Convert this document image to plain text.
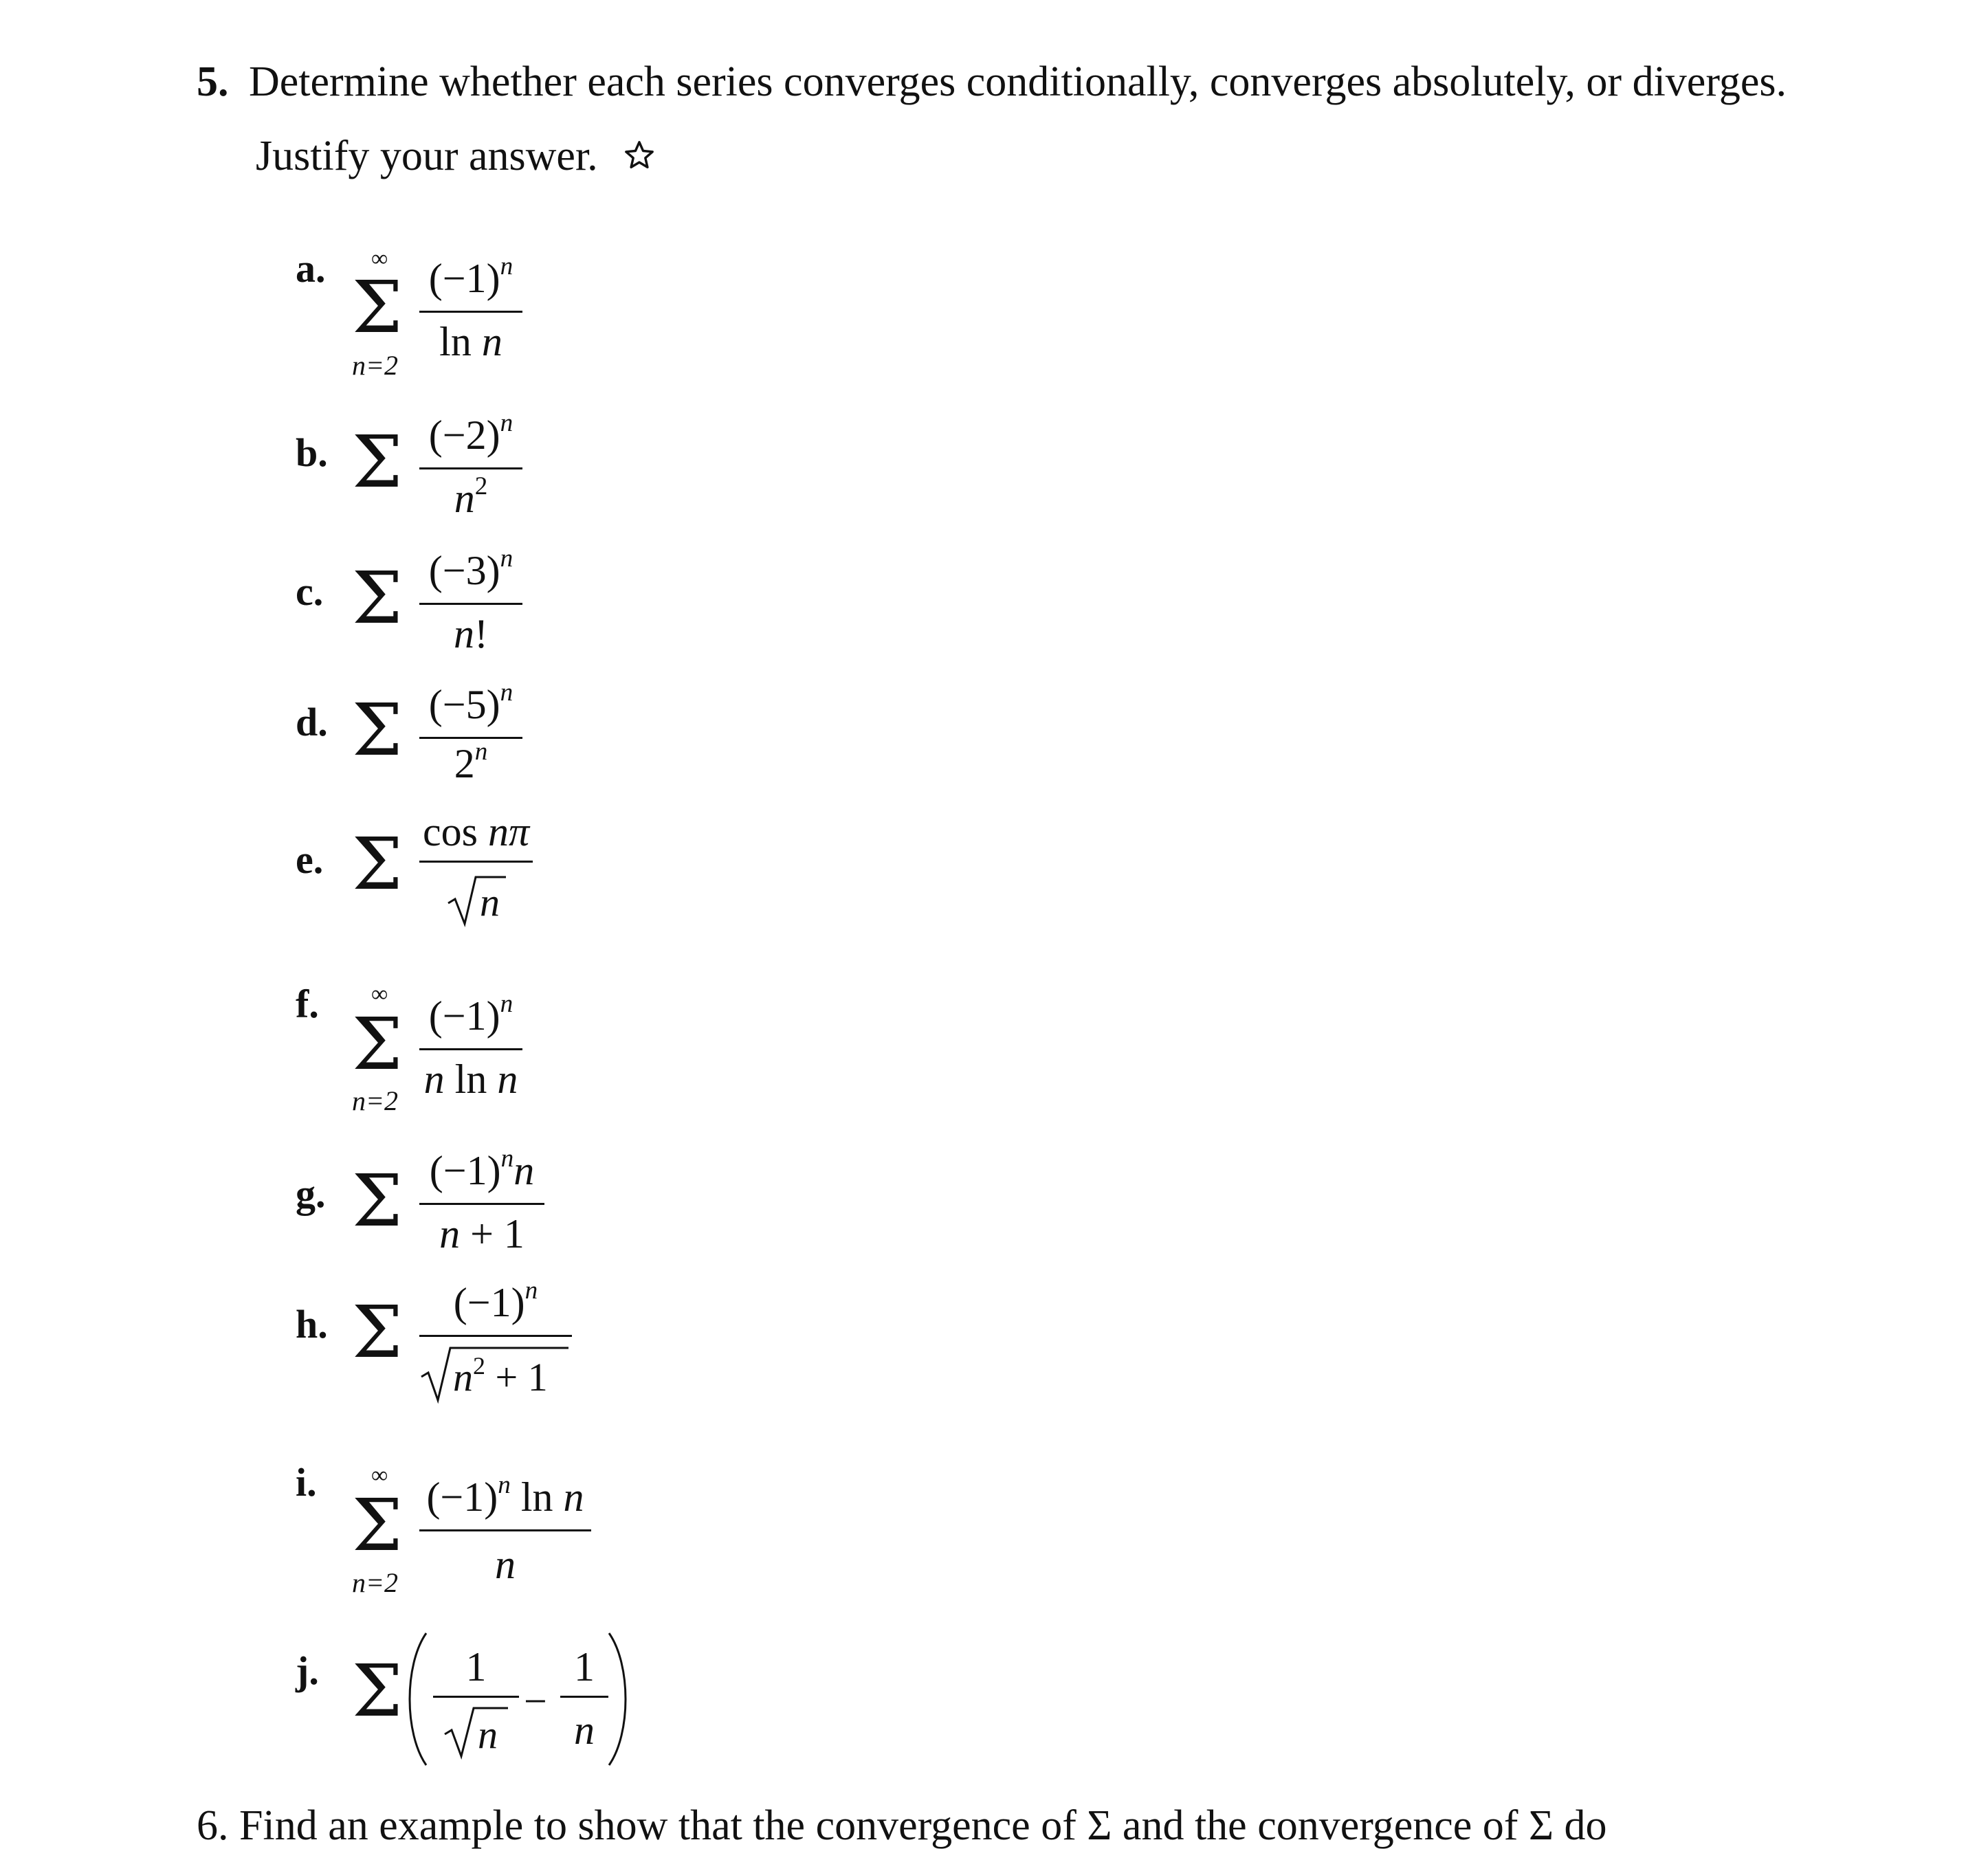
5. Determine whether each series converges conditionally, converges absolutely, or diverges.
Justify your answer.
a. ∞
Σ
n=2
$(-1)^n$
ln n
b. Σ $(-2)^n$
$n^2$
c. Σ $(-3)^n$
n!
d. Σ $(-5)^n$
2$^n$
e. Σ cos nπ
n
f. ∞
Σ
n=2
$(-1)^n$
n ln n
g. Σ $(-1)^nn$
n + 1
h. Σ	$(-1)^n$
$n^2 + 1$
i. ∞
Σ
n=2
$(-1)^n$ ln n
n
j. Σ	1
n
−
1
n
6. Find an example to show that the convergence of Σ and the convergence of Σ do
